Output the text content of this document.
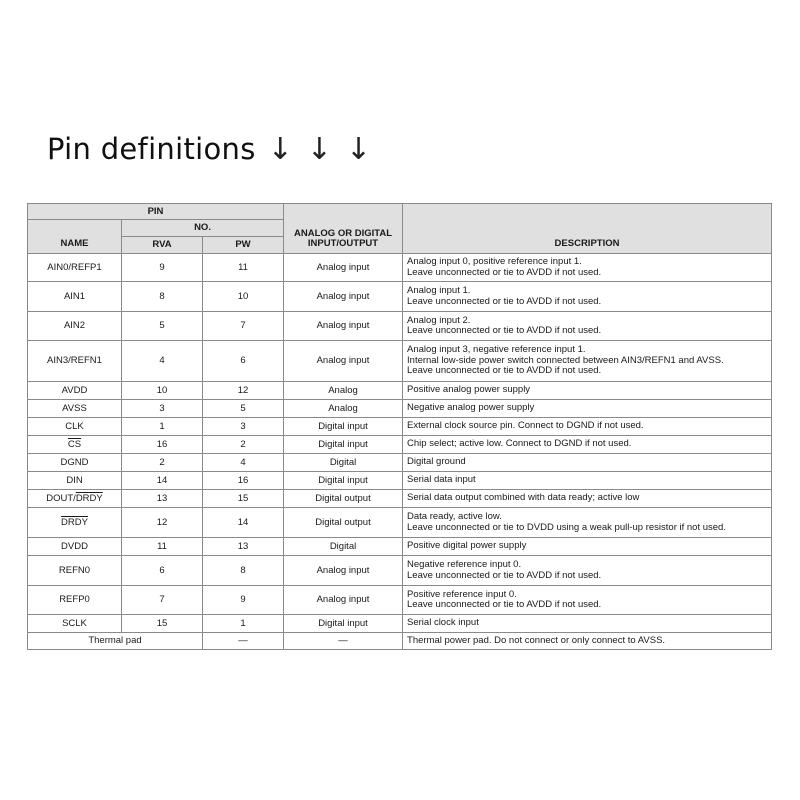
Pin definitions ↓↓↓
PIN			ANALOG OR DIGITAL INPUT/OUTPUT	DESCRIPTION
NAME	NO.			
	RVA	PW		
AIN0/REFP1	9	11	Analog input	Analog input 0, positive reference input 1.
Leave unconnected or tie to AVDD if not used.

AIN1	8	10	Analog input	Analog input 1.
Leave unconnected or tie to AVDD if not used.

AIN2	5	7	Analog input	Analog input 2.
Leave unconnected or tie to AVDD if not used.

AIN3/REFN1	4	6	Analog input	Analog input 3, negative reference input 1.
Internal low-side power switch connected between AIN3/REFN1 and AVSS.
Leave unconnected or tie to AVDD if not used.

AVDD	10	12	Analog	Positive analog power supply

AVSS	3	5	Analog	Negative analog power supply

CLK	1	3	Digital input	External clock source pin. Connect to DGND if not used.

$\overline{CS}$	16	2	Digital input	Chip select; active low. Connect to DGND if not used.

DGND	2	4	Digital	Digital ground

DIN	14	16	Digital input	Serial data input

DOUT/DRDY	13	15	Digital output	Serial data output combined with data ready; active low

DRDY	12	14	Digital output	Data ready, active low.
Leave unconnected or tie to DVDD using a weak pull-up resistor if not used.

DVDD	11	13	Digital	Positive digital power supply

REFN0	6	8	Analog input	Negative reference input 0.
Leave unconnected or tie to AVDD if not used.

REFP0	7	9	Analog input	Positive reference input 0.
Leave unconnected or tie to AVDD if not used.

SCLK	15	1	Digital input	Serial clock input

Thermal pad		—	—	Thermal power pad. Do not connect or only connect to AVSS.
